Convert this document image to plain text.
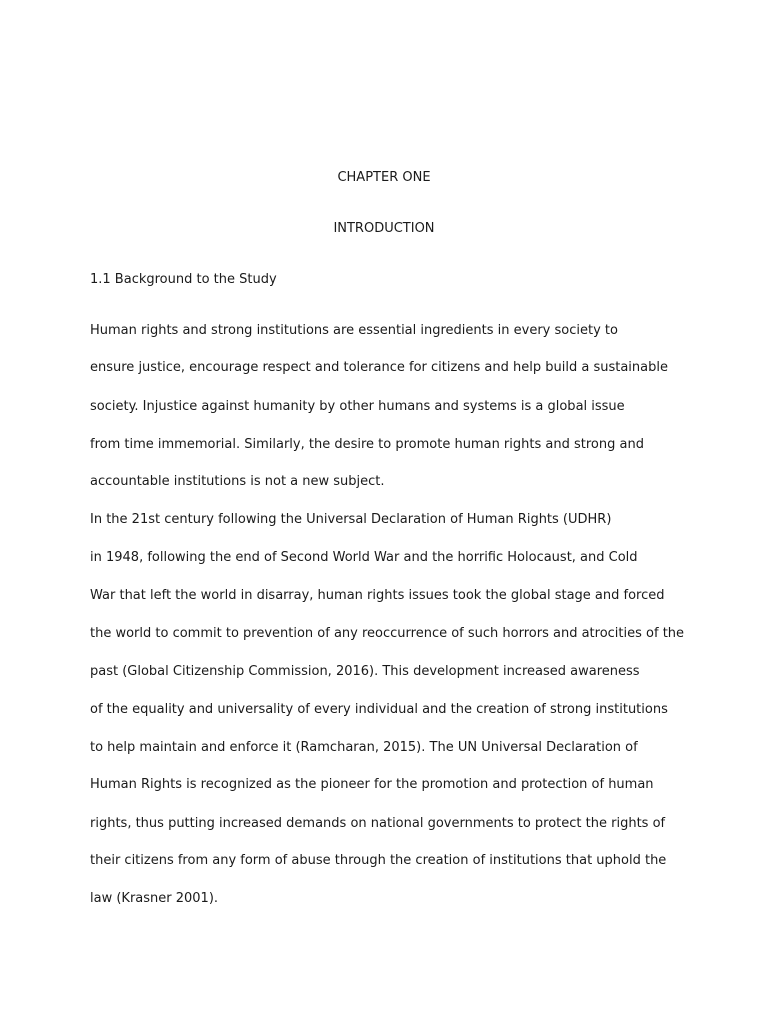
CHAPTER ONE
INTRODUCTION
1.1 Background to the Study
Human rights and strong institutions are essential ingredients in every society to
ensure justice, encourage respect and tolerance for citizens and help build a sustainable
society. Injustice against humanity by other humans and systems is a global issue
from time immemorial. Similarly, the desire to promote human rights and strong and
accountable institutions is not a new subject.
In the 21st century following the Universal Declaration of Human Rights (UDHR)
in 1948, following the end of Second World War and the horrific Holocaust, and Cold
War that left the world in disarray, human rights issues took the global stage and forced
the world to commit to prevention of any reoccurrence of such horrors and atrocities of the
past (Global Citizenship Commission, 2016). This development increased awareness
of the equality and universality of every individual and the creation of strong institutions
to help maintain and enforce it (Ramcharan, 2015). The UN Universal Declaration of
Human Rights is recognized as the pioneer for the promotion and protection of human
rights, thus putting increased demands on national governments to protect the rights of
their citizens from any form of abuse through the creation of institutions that uphold the
law (Krasner 2001).
